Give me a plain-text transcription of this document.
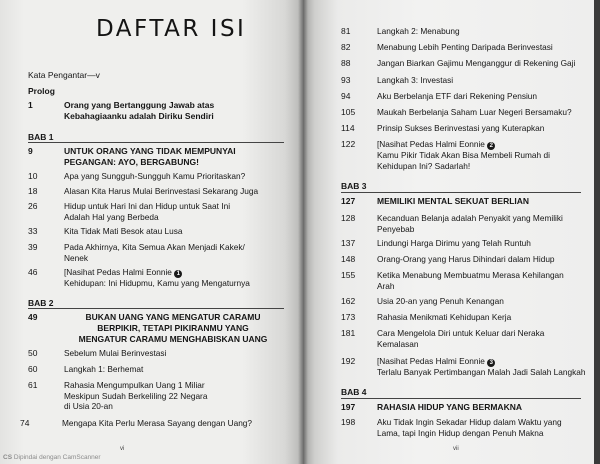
DAFTAR ISI
Kata Pengantar—v
Prolog
1	Orang yang Bertanggung Jawab atas
Kebahagiaanku adalah Diriku Sendiri
BAB 1
9	UNTUK ORANG YANG TIDAK MEMPUNYAI
PEGANGAN: AYO, BERGABUNG!
10	Apa yang Sungguh-Sungguh Kamu Prioritaskan?
18	Alasan Kita Harus Mulai Berinvestasi Sekarang Juga
26	Hidup untuk Hari Ini dan Hidup untuk Saat Ini
Adalah Hal yang Berbeda
33	Kita Tidak Mati Besok atau Lusa
39	Pada Akhirnya, Kita Semua Akan Menjadi Kakek/
Nenek
46	[Nasihat Pedas Halmi Eonnie 1
Kehidupan: Ini Hidupmu, Kamu yang Mengaturnya
BAB 2
49	BUKAN UANG YANG MENGATUR CARAMU
BERPIKIR, TETAPI PIKIRANMU YANG
MENGATUR CARAMU MENGHABISKAN UANG
50	Sebelum Mulai Berinvestasi
60	Langkah 1: Berhemat
61	Rahasia Mengumpulkan Uang 1 Miliar
Meskipun Sudah Berkeliling 22 Negara
di Usia 20-an
74	Mengapa Kita Perlu Merasa Sayang dengan Uang?
vi
81	Langkah 2: Menabung
82	Menabung Lebih Penting Daripada Berinvestasi
88	Jangan Biarkan Gajimu Menganggur di Rekening Gaji
93	Langkah 3: Investasi
94	Aku Berbelanja ETF dari Rekening Pensiun
105	Maukah Berbelanja Saham Luar Negeri Bersamaku?
114	Prinsip Sukses Berinvestasi yang Kuterapkan
122	[Nasihat Pedas Halmi Eonnie 2
Kamu Pikir Tidak Akan Bisa Membeli Rumah di
Kehidupan Ini? Sadarlah!
BAB 3
127	MEMILIKI MENTAL SEKUAT BERLIAN
128	Kecanduan Belanja adalah Penyakit yang Memiliki
Penyebab
137	Lindungi Harga Dirimu yang Telah Runtuh
148	Orang-Orang yang Harus Dihindari dalam Hidup
155	Ketika Menabung Membuatmu Merasa Kehilangan
Arah
162	Usia 20-an yang Penuh Kenangan
173	Rahasia Menikmati Kehidupan Kerja
181	Cara Mengelola Diri untuk Keluar dari Neraka
Kemalasan
192	[Nasihat Pedas Halmi Eonnie 3
Terlalu Banyak Pertimbangan Malah Jadi Salah Langkah
BAB 4
197	RAHASIA HIDUP YANG BERMAKNA
198	Aku Tidak Ingin Sekadar Hidup dalam Waktu yang
Lama, tapi Ingin Hidup dengan Penuh Makna
vii
CS Dipindai dengan CamScanner
